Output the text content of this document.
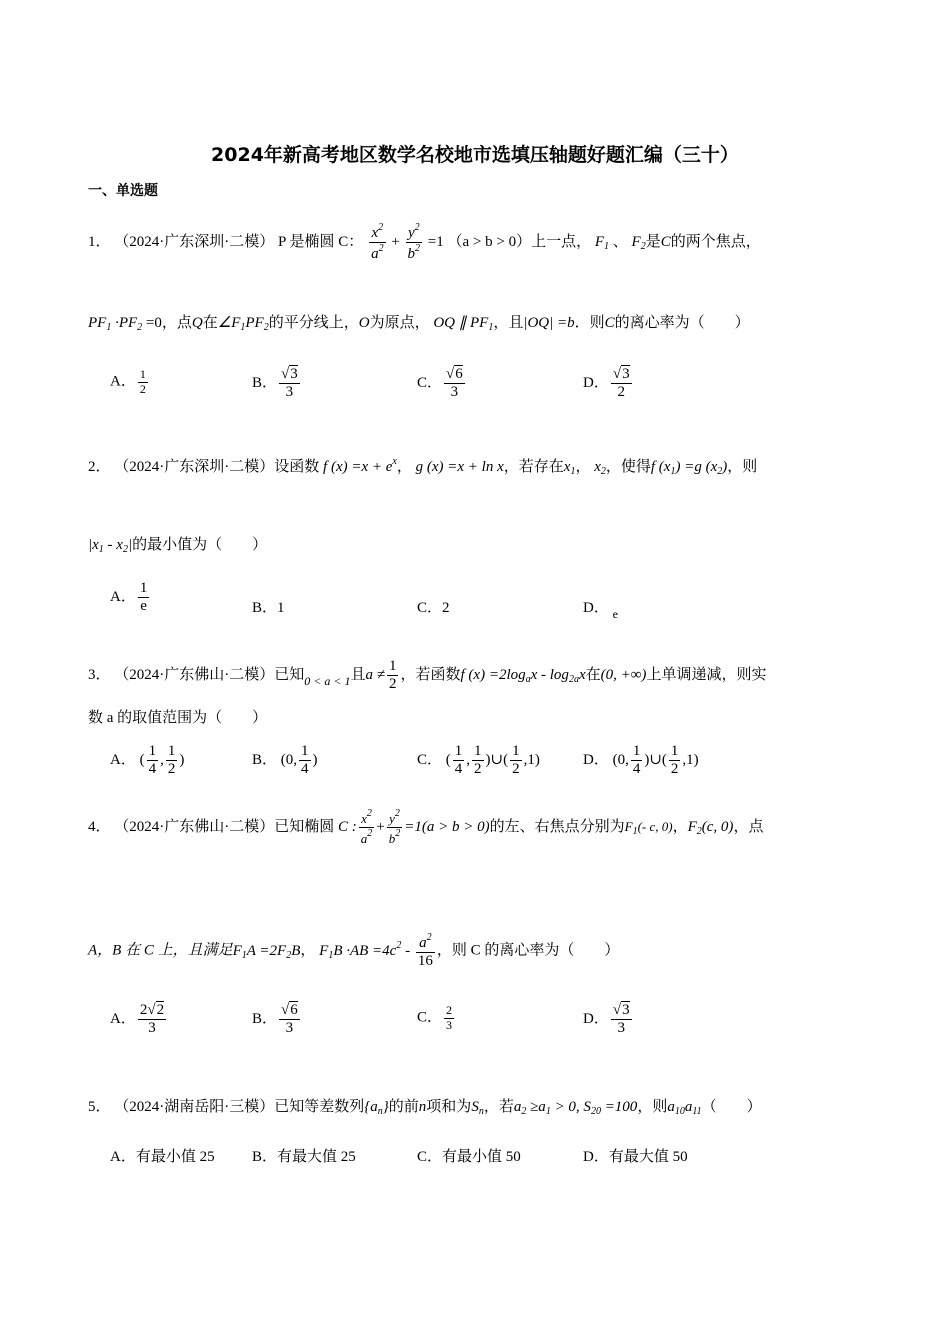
2024年新高考地区数学名校地市选填压轴题好题汇编（三十）
一、单选题
1． （2024·广东深圳·二模） P 是椭圆 C： $\frac{x^2}{a^2} + \frac{y^2}{b^2} =1$ （a > b > 0）上一点， $F_1$ 、 $F_2$是C的两个焦点，
$PF_1 \cdot PF_2 =0$，点Q在$\angle F_1PF_2$的平分线上，O为原点， OQ ∥ $PF_1$，且|OQ| =b．则C的离心率为（　　）
A． $\frac{1}{2}$	B． $\frac{√3}{3}$	C． $\frac{√6}{3}$	D． $\frac{√3}{2}$
2． （2024·广东深圳·二模）设函数 f $(x) =x + e^x$， g (x) =x + ln x，若存在$x_1$， $x_2$，使得f $(x_1) =g$ $(x_2)$，则
$|x_1 - x_2|$的最小值为（　　）
A． $\frac{1}{e}$	B．1	C．2	D． $_e$
3． （2024·广东佛山·二模）已知$_{0 < a < 1}$且$a \ne \frac{1}{2}$ ，若函数f $(x) =2\log_ax - \log_{2a}x$在(0, +∞)上单调递减，则实
数 a 的取值范围为（　　）
A． ( $\frac{1}{4}$ , $\frac{1}{2}$ )	B． (0, $\frac{1}{4}$ )	C． ( $\frac{1}{4}$ , $\frac{1}{2}$ )∪( $\frac{1}{2} ,1$)	D． (0, $\frac{1}{4}$ )∪( $\frac{1}{2} ,1$)
4． （2024·广东佛山·二模）已知椭圆 C : $\frac{x^2}{a^2} + \frac{y^2}{b^2} =1(a > b > 0)$的左、右焦点分别为$F_1(-$ c, 0)，$F_2(c$, 0)，点
A，B 在 C 上，且满足$F_1A =2F_2B$， $F_1B \cdot AB =4c^2 - \frac{a^2}{16}$ ，则 C 的离心率为（　　）
A． $\frac{2√2}{3}$	B． $\frac{√6}{3}$	C． $\frac{2}{3}$	D． $\frac{√3}{3}$
5． （2024·湖南岳阳·三模）已知等差数列$\{a_n\}$的前n项和为$S_n$，若$a_2 \ge a_1 > 0$, $S_{20} =100$，则$a_{10}a_{11}$（　　）
A．有最小值 25 B．有最大值 25	C．有最小值 50	D．有最大值 50
